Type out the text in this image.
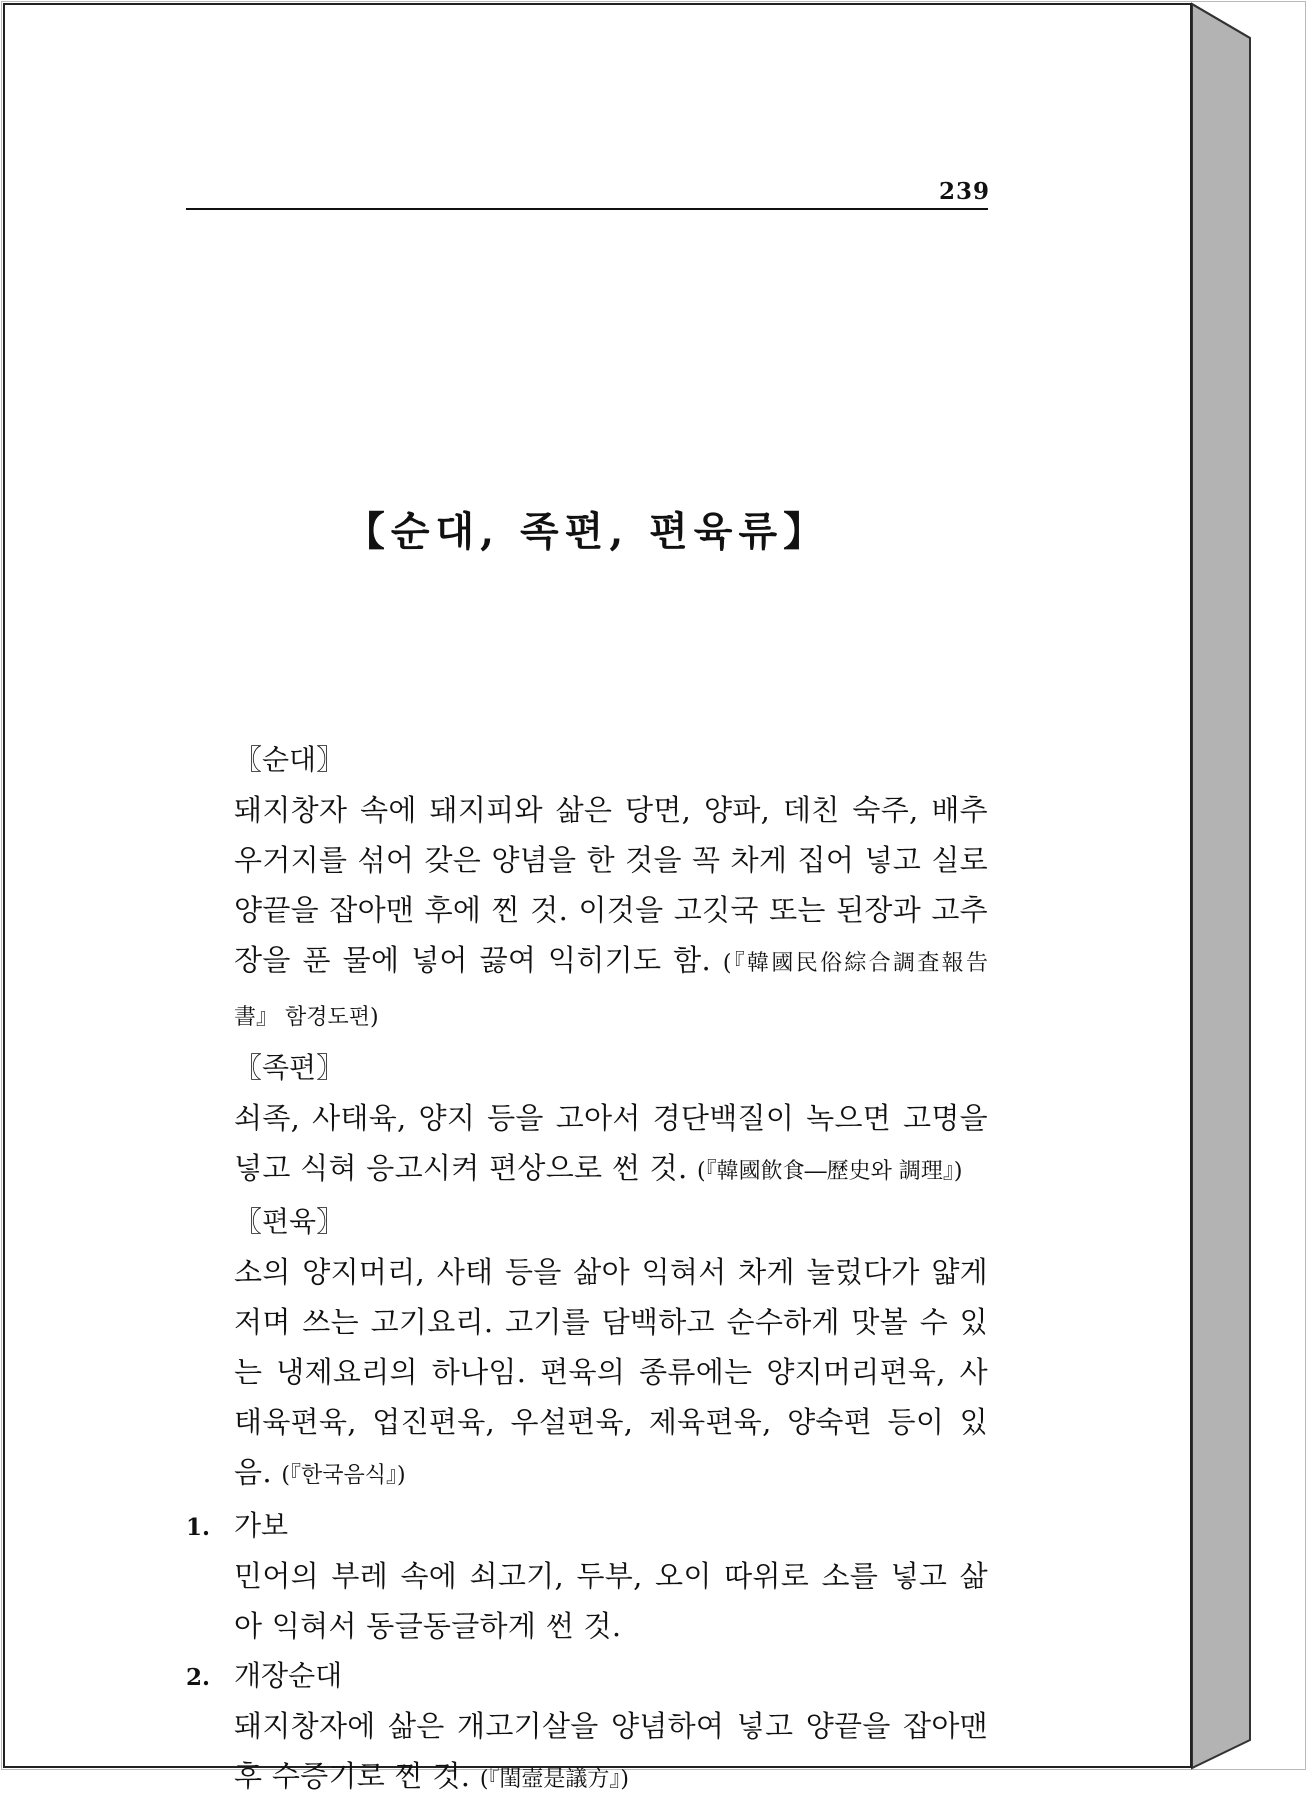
239
【순대, 족편, 편육류】
〖순대〗
돼지창자 속에 돼지피와 삶은 당면, 양파, 데친 숙주, 배추우거지를 섞어 갖은 양념을 한 것을 꼭 차게 집어 넣고 실로 양끝을 잡아맨 후에 찐 것. 이것을 고깃국 또는 된장과 고추장을 푼 물에 넣어 끓여 익히기도 함. (『韓國民俗綜合調査報告書』 함경도편)
〖족편〗
쇠족, 사태육, 양지 등을 고아서 경단백질이 녹으면 고명을 넣고 식혀 응고시켜 편상으로 썬 것. (『韓國飮食―歷史와 調理』)
〖편육〗
소의 양지머리, 사태 등을 삶아 익혀서 차게 눌렀다가 얇게 저며 쓰는 고기요리. 고기를 담백하고 순수하게 맛볼 수 있는 냉제요리의 하나임. 편육의 종류에는 양지머리편육, 사태육편육, 업진편육, 우설편육, 제육편육, 양숙편 등이 있음. (『한국음식』)
1. 가보
민어의 부레 속에 쇠고기, 두부, 오이 따위로 소를 넣고 삶아 익혀서 동글동글하게 썬 것.
2. 개장순대
돼지창자에 삶은 개고기살을 양념하여 넣고 양끝을 잡아맨 후 수증기로 찐 것. (『閨壼是議方』)
